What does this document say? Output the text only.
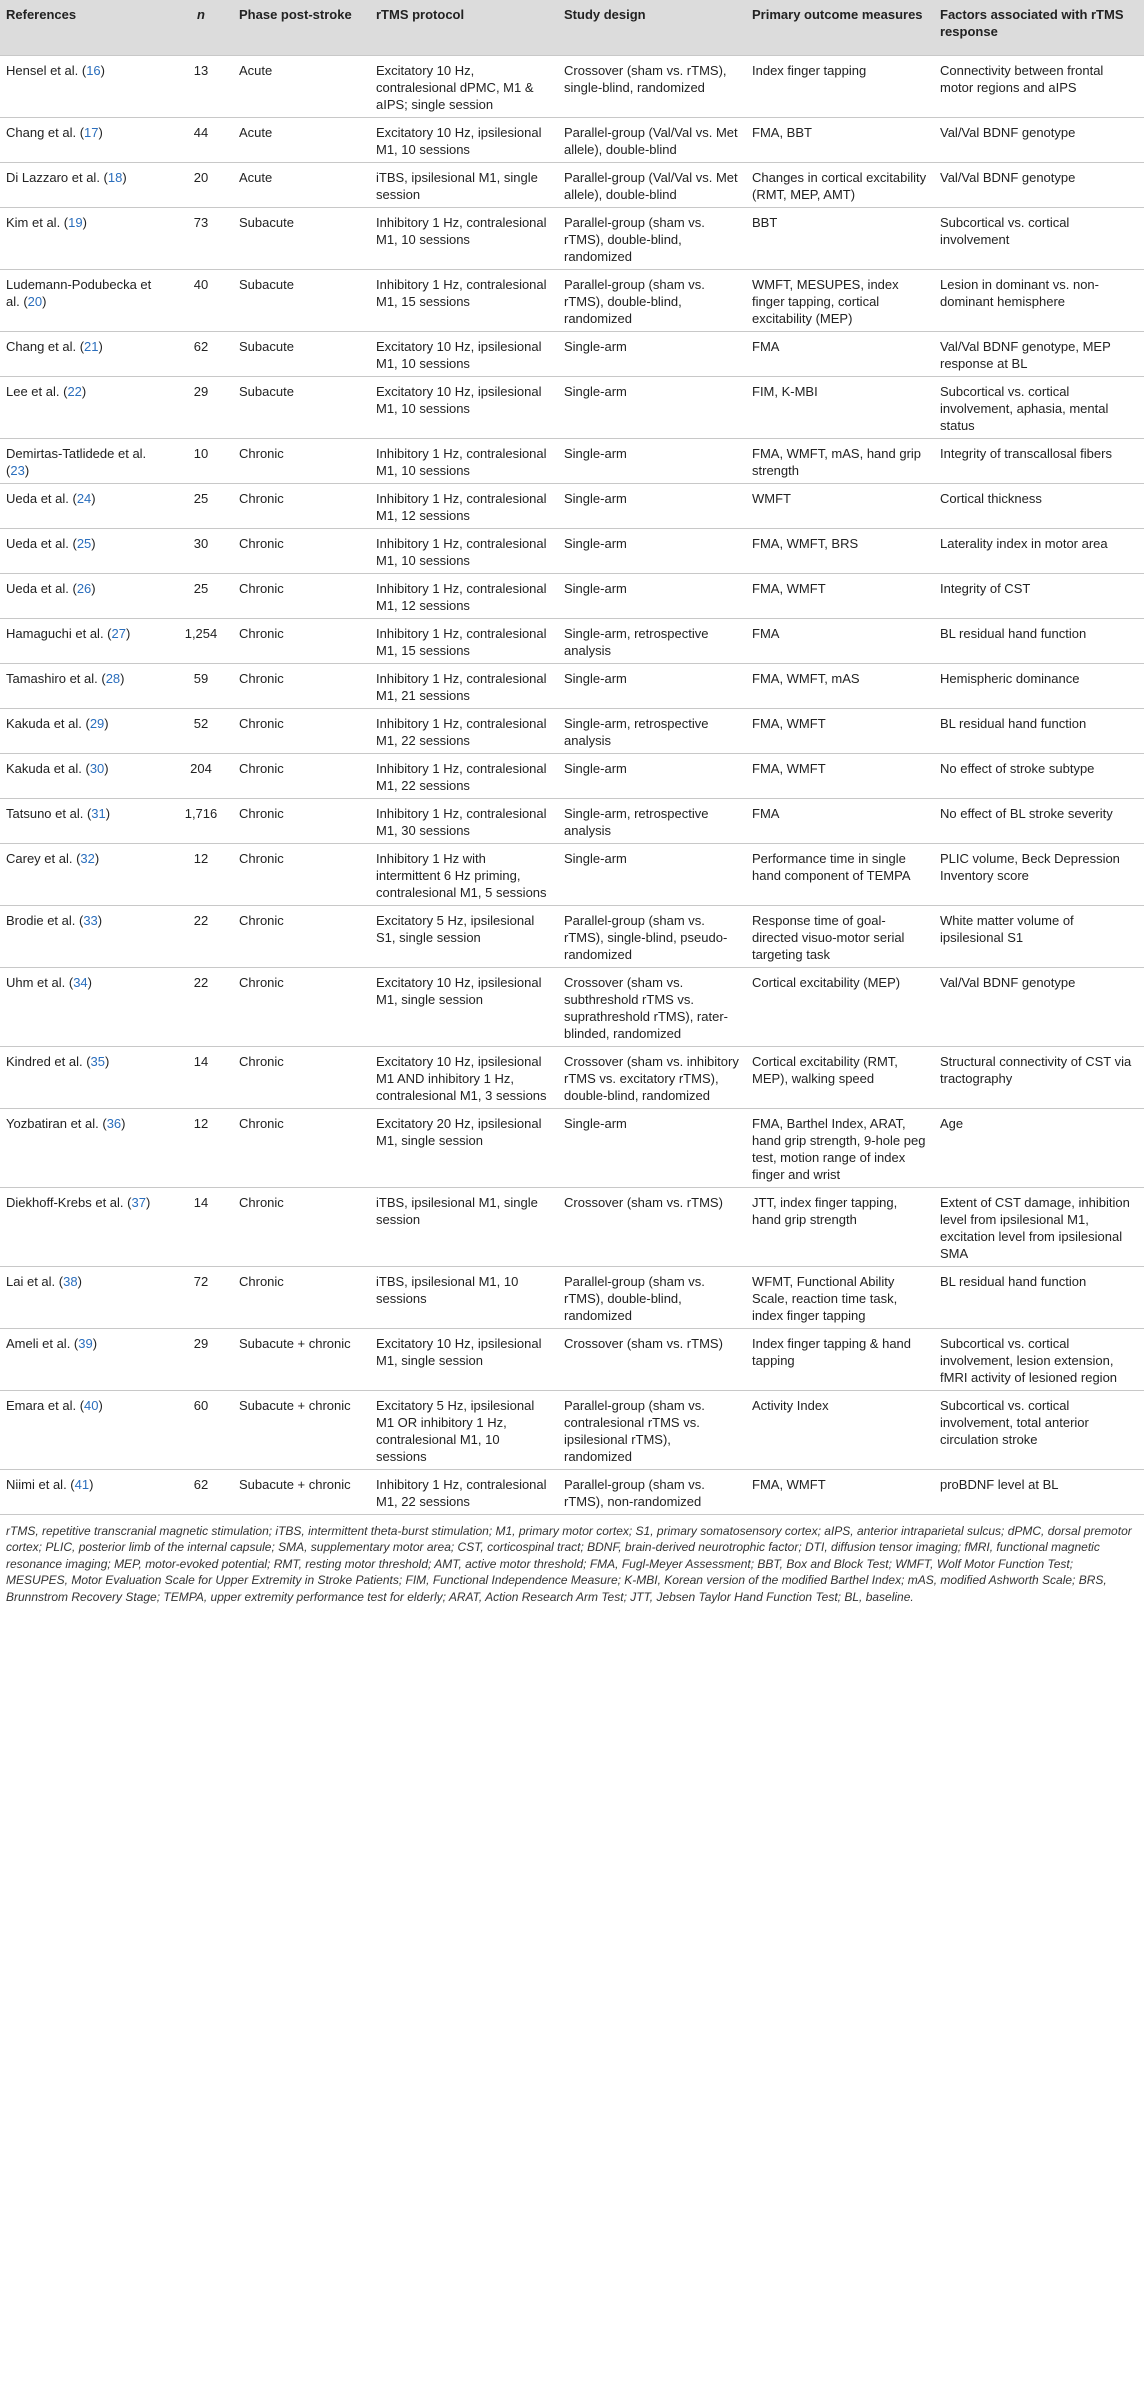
References	n	Phase post-stroke	rTMS protocol	Study design	Primary outcome measures	Factors associated with rTMS response
Hensel et al. (16)	13	Acute	Excitatory 10 Hz, contralesional dPMC, M1 & aIPS; single session	Crossover (sham vs. rTMS), single-blind, randomized	Index finger tapping	Connectivity between frontal motor regions and aIPS
Chang et al. (17)	44	Acute	Excitatory 10 Hz, ipsilesional M1, 10 sessions	Parallel-group (Val/Val vs. Met allele), double-blind	FMA, BBT	Val/Val BDNF genotype
Di Lazzaro et al. (18)	20	Acute	iTBS, ipsilesional M1, single session	Parallel-group (Val/Val vs. Met allele), double-blind	Changes in cortical excitability (RMT, MEP, AMT)	Val/Val BDNF genotype
Kim et al. (19)	73	Subacute	Inhibitory 1 Hz, contralesional M1, 10 sessions	Parallel-group (sham vs. rTMS), double-blind, randomized	BBT	Subcortical vs. cortical involvement
Ludemann-Podubecka et al. (20)	40	Subacute	Inhibitory 1 Hz, contralesional M1, 15 sessions	Parallel-group (sham vs. rTMS), double-blind, randomized	WMFT, MESUPES, index finger tapping, cortical excitability (MEP)	Lesion in dominant vs. non-dominant hemisphere
Chang et al. (21)	62	Subacute	Excitatory 10 Hz, ipsilesional M1, 10 sessions	Single-arm	FMA	Val/Val BDNF genotype, MEP response at BL
Lee et al. (22)	29	Subacute	Excitatory 10 Hz, ipsilesional M1, 10 sessions	Single-arm	FIM, K-MBI	Subcortical vs. cortical involvement, aphasia, mental status
Demirtas-Tatlidede et al. (23)	10	Chronic	Inhibitory 1 Hz, contralesional M1, 10 sessions	Single-arm	FMA, WMFT, mAS, hand grip strength	Integrity of transcallosal fibers
Ueda et al. (24)	25	Chronic	Inhibitory 1 Hz, contralesional M1, 12 sessions	Single-arm	WMFT	Cortical thickness
Ueda et al. (25)	30	Chronic	Inhibitory 1 Hz, contralesional M1, 10 sessions	Single-arm	FMA, WMFT, BRS	Laterality index in motor area
Ueda et al. (26)	25	Chronic	Inhibitory 1 Hz, contralesional M1, 12 sessions	Single-arm	FMA, WMFT	Integrity of CST
Hamaguchi et al. (27)	1,254	Chronic	Inhibitory 1 Hz, contralesional M1, 15 sessions	Single-arm, retrospective analysis	FMA	BL residual hand function
Tamashiro et al. (28)	59	Chronic	Inhibitory 1 Hz, contralesional M1, 21 sessions	Single-arm	FMA, WMFT, mAS	Hemispheric dominance
Kakuda et al. (29)	52	Chronic	Inhibitory 1 Hz, contralesional M1, 22 sessions	Single-arm, retrospective analysis	FMA, WMFT	BL residual hand function
Kakuda et al. (30)	204	Chronic	Inhibitory 1 Hz, contralesional M1, 22 sessions	Single-arm	FMA, WMFT	No effect of stroke subtype
Tatsuno et al. (31)	1,716	Chronic	Inhibitory 1 Hz, contralesional M1, 30 sessions	Single-arm, retrospective analysis	FMA	No effect of BL stroke severity
Carey et al. (32)	12	Chronic	Inhibitory 1 Hz with intermittent 6 Hz priming, contralesional M1, 5 sessions	Single-arm	Performance time in single hand component of TEMPA	PLIC volume, Beck Depression Inventory score
Brodie et al. (33)	22	Chronic	Excitatory 5 Hz, ipsilesional S1, single session	Parallel-group (sham vs. rTMS), single-blind, pseudo-randomized	Response time of goal-directed visuo-motor serial targeting task	White matter volume of ipsilesional S1
Uhm et al. (34)	22	Chronic	Excitatory 10 Hz, ipsilesional M1, single session	Crossover (sham vs. subthreshold rTMS vs. suprathreshold rTMS), rater-blinded, randomized	Cortical excitability (MEP)	Val/Val BDNF genotype
Kindred et al. (35)	14	Chronic	Excitatory 10 Hz, ipsilesional M1 AND inhibitory 1 Hz, contralesional M1, 3 sessions	Crossover (sham vs. inhibitory rTMS vs. excitatory rTMS), double-blind, randomized	Cortical excitability (RMT, MEP), walking speed	Structural connectivity of CST via tractography
Yozbatiran et al. (36)	12	Chronic	Excitatory 20 Hz, ipsilesional M1, single session	Single-arm	FMA, Barthel Index, ARAT, hand grip strength, 9-hole peg test, motion range of index finger and wrist	Age
Diekhoff-Krebs et al. (37)	14	Chronic	iTBS, ipsilesional M1, single session	Crossover (sham vs. rTMS)	JTT, index finger tapping, hand grip strength	Extent of CST damage, inhibition level from ipsilesional M1, excitation level from ipsilesional SMA
Lai et al. (38)	72	Chronic	iTBS, ipsilesional M1, 10 sessions	Parallel-group (sham vs. rTMS), double-blind, randomized	WFMT, Functional Ability Scale, reaction time task, index finger tapping	BL residual hand function
Ameli et al. (39)	29	Subacute + chronic	Excitatory 10 Hz, ipsilesional M1, single session	Crossover (sham vs. rTMS)	Index finger tapping & hand tapping	Subcortical vs. cortical involvement, lesion extension, fMRI activity of lesioned region
Emara et al. (40)	60	Subacute + chronic	Excitatory 5 Hz, ipsilesional M1 OR inhibitory 1 Hz, contralesional M1, 10 sessions	Parallel-group (sham vs. contralesional rTMS vs. ipsilesional rTMS), randomized	Activity Index	Subcortical vs. cortical involvement, total anterior circulation stroke
Niimi et al. (41)	62	Subacute + chronic	Inhibitory 1 Hz, contralesional M1, 22 sessions	Parallel-group (sham vs. rTMS), non-randomized	FMA, WMFT	proBDNF level at BL
rTMS, repetitive transcranial magnetic stimulation; iTBS, intermittent theta-burst stimulation; M1, primary motor cortex; S1, primary somatosensory cortex; aIPS, anterior intraparietal sulcus; dPMC, dorsal premotor cortex; PLIC, posterior limb of the internal capsule; SMA, supplementary motor area; CST, corticospinal tract; BDNF, brain-derived neurotrophic factor; DTI, diffusion tensor imaging; fMRI, functional magnetic resonance imaging; MEP, motor-evoked potential; RMT, resting motor threshold; AMT, active motor threshold; FMA, Fugl-Meyer Assessment; BBT, Box and Block Test; WMFT, Wolf Motor Function Test; MESUPES, Motor Evaluation Scale for Upper Extremity in Stroke Patients; FIM, Functional Independence Measure; K-MBI, Korean version of the modified Barthel Index; mAS, modified Ashworth Scale; BRS, Brunnstrom Recovery Stage; TEMPA, upper extremity performance test for elderly; ARAT, Action Research Arm Test; JTT, Jebsen Taylor Hand Function Test; BL, baseline.
